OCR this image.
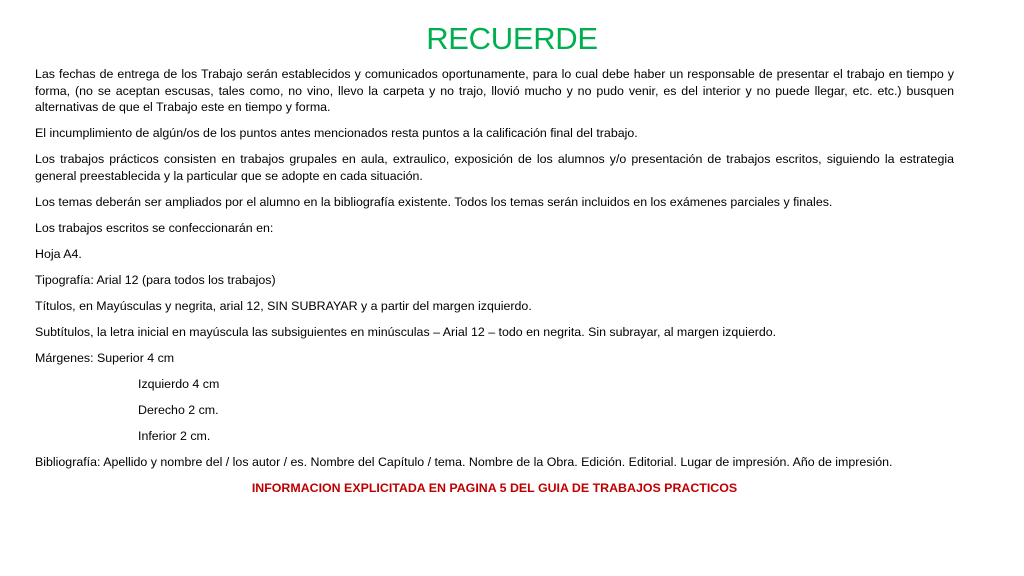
RECUERDE

Las fechas de entrega de los Trabajo serán establecidos y comunicados oportunamente, para lo cual debe haber un responsable de presentar el trabajo en tiempo y forma, (no se aceptan escusas, tales como, no vino, llevo la carpeta y no trajo, llovió mucho y no pudo venir, es del interior y no puede llegar, etc. etc.) busquen alternativas de que el Trabajo este en tiempo y forma.

El incumplimiento de algún/os de los puntos antes mencionados resta puntos a la calificación final del trabajo.

Los trabajos prácticos consisten en trabajos grupales en aula, extraulico, exposición de los alumnos y/o presentación de trabajos escritos, siguiendo la estrategia general preestablecida y la particular que se adopte en cada situación.

Los temas deberán ser ampliados por el alumno en la bibliografía existente. Todos los temas serán incluidos en los exámenes parciales y finales.

Los trabajos escritos se confeccionarán en:

Hoja A4.

Tipografía: Arial 12 (para todos los trabajos)

Títulos, en Mayúsculas y negrita, arial 12, SIN SUBRAYAR y a partir del margen izquierdo.

Subtítulos, la letra inicial en mayúscula las subsiguientes en minúsculas – Arial 12 – todo en negrita. Sin subrayar, al margen izquierdo.

Márgenes: Superior 4 cm

Izquierdo 4 cm

Derecho 2 cm.

Inferior 2 cm.

Bibliografía: Apellido y nombre del / los autor / es. Nombre del Capítulo / tema. Nombre de la Obra. Edición. Editorial. Lugar de impresión. Año de impresión.

INFORMACION EXPLICITADA EN PAGINA 5 DEL GUIA DE TRABAJOS PRACTICOS
